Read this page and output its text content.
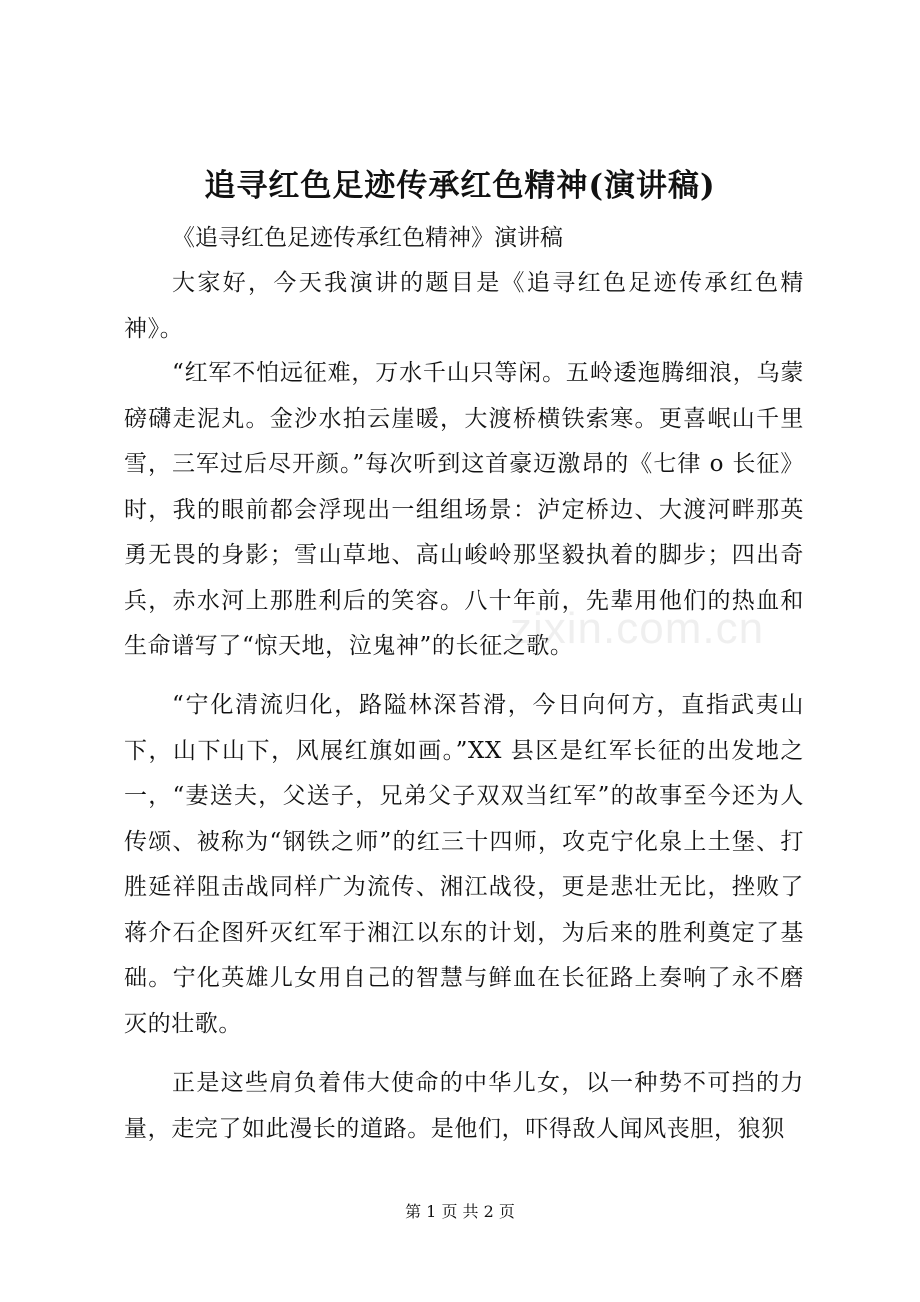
追寻红色足迹传承红色精神(演讲稿)
《追寻红色足迹传承红色精神》演讲稿

大家好，今天我演讲的题目是《追寻红色足迹传承红色精神》。

“红军不怕远征难，万水千山只等闲。五岭逶迤腾细浪，乌蒙磅礴走泥丸。金沙水拍云崖暖，大渡桥横铁索寒。更喜岷山千里雪，三军过后尽开颜。”每次听到这首豪迈激昂的《七律 o 长征》时，我的眼前都会浮现出一组组场景：泸定桥边、大渡河畔那英勇无畏的身影；雪山草地、高山峻岭那坚毅执着的脚步；四出奇兵，赤水河上那胜利后的笑容。八十年前，先辈用他们的热血和生命谱写了“惊天地，泣鬼神”的长征之歌。

“宁化清流归化，路隘林深苔滑，今日向何方，直指武夷山下，山下山下，风展红旗如画。”XX 县区是红军长征的出发地之一，“妻送夫，父送子，兄弟父子双双当红军”的故事至今还为人传颂、被称为“钢铁之师”的红三十四师，攻克宁化泉上土堡、打胜延祥阻击战同样广为流传、湘江战役，更是悲壮无比，挫败了蒋介石企图歼灭红军于湘江以东的计划，为后来的胜利奠定了基础。宁化英雄儿女用自己的智慧与鲜血在长征路上奏响了永不磨灭的壮歌。

正是这些肩负着伟大使命的中华儿女，以一种势不可挡的力量，走完了如此漫长的道路。是他们，吓得敌人闻风丧胆，狼狈

zixin.com.cn
第 1 页 共 2 页
